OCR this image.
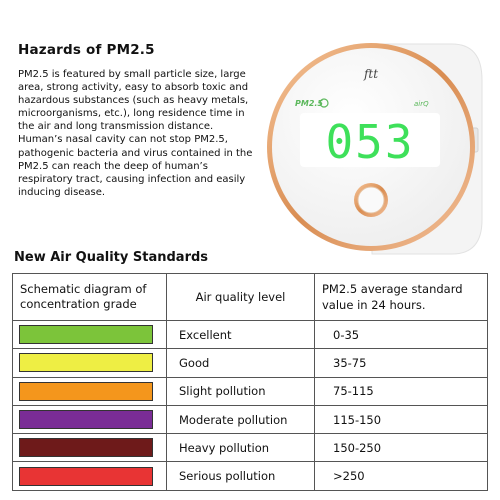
Hazards of PM2.5
PM2.5 is featured by small particle size, large area, strong activity, easy to absorb toxic and hazardous substances (such as heavy metals, microorganisms, etc.), long residence time in the air and long transmission distance. Human’s nasal cavity can not stop PM2.5, pathogenic bacteria and virus contained in the PM2.5 can reach the deep of human’s respiratory tract, causing infection and easily inducing disease.
ftt
PM2.5	airQ
053
New Air Quality Standards
Schematic diagram of concentration grade	Air quality level	PM2.5 average standard value in 24 hours.

	Excellent	0-35

	Good	35-75

	Slight pollution	75-115

	Moderate pollution	115-150

	Heavy pollution	150-250

	Serious pollution	>250
